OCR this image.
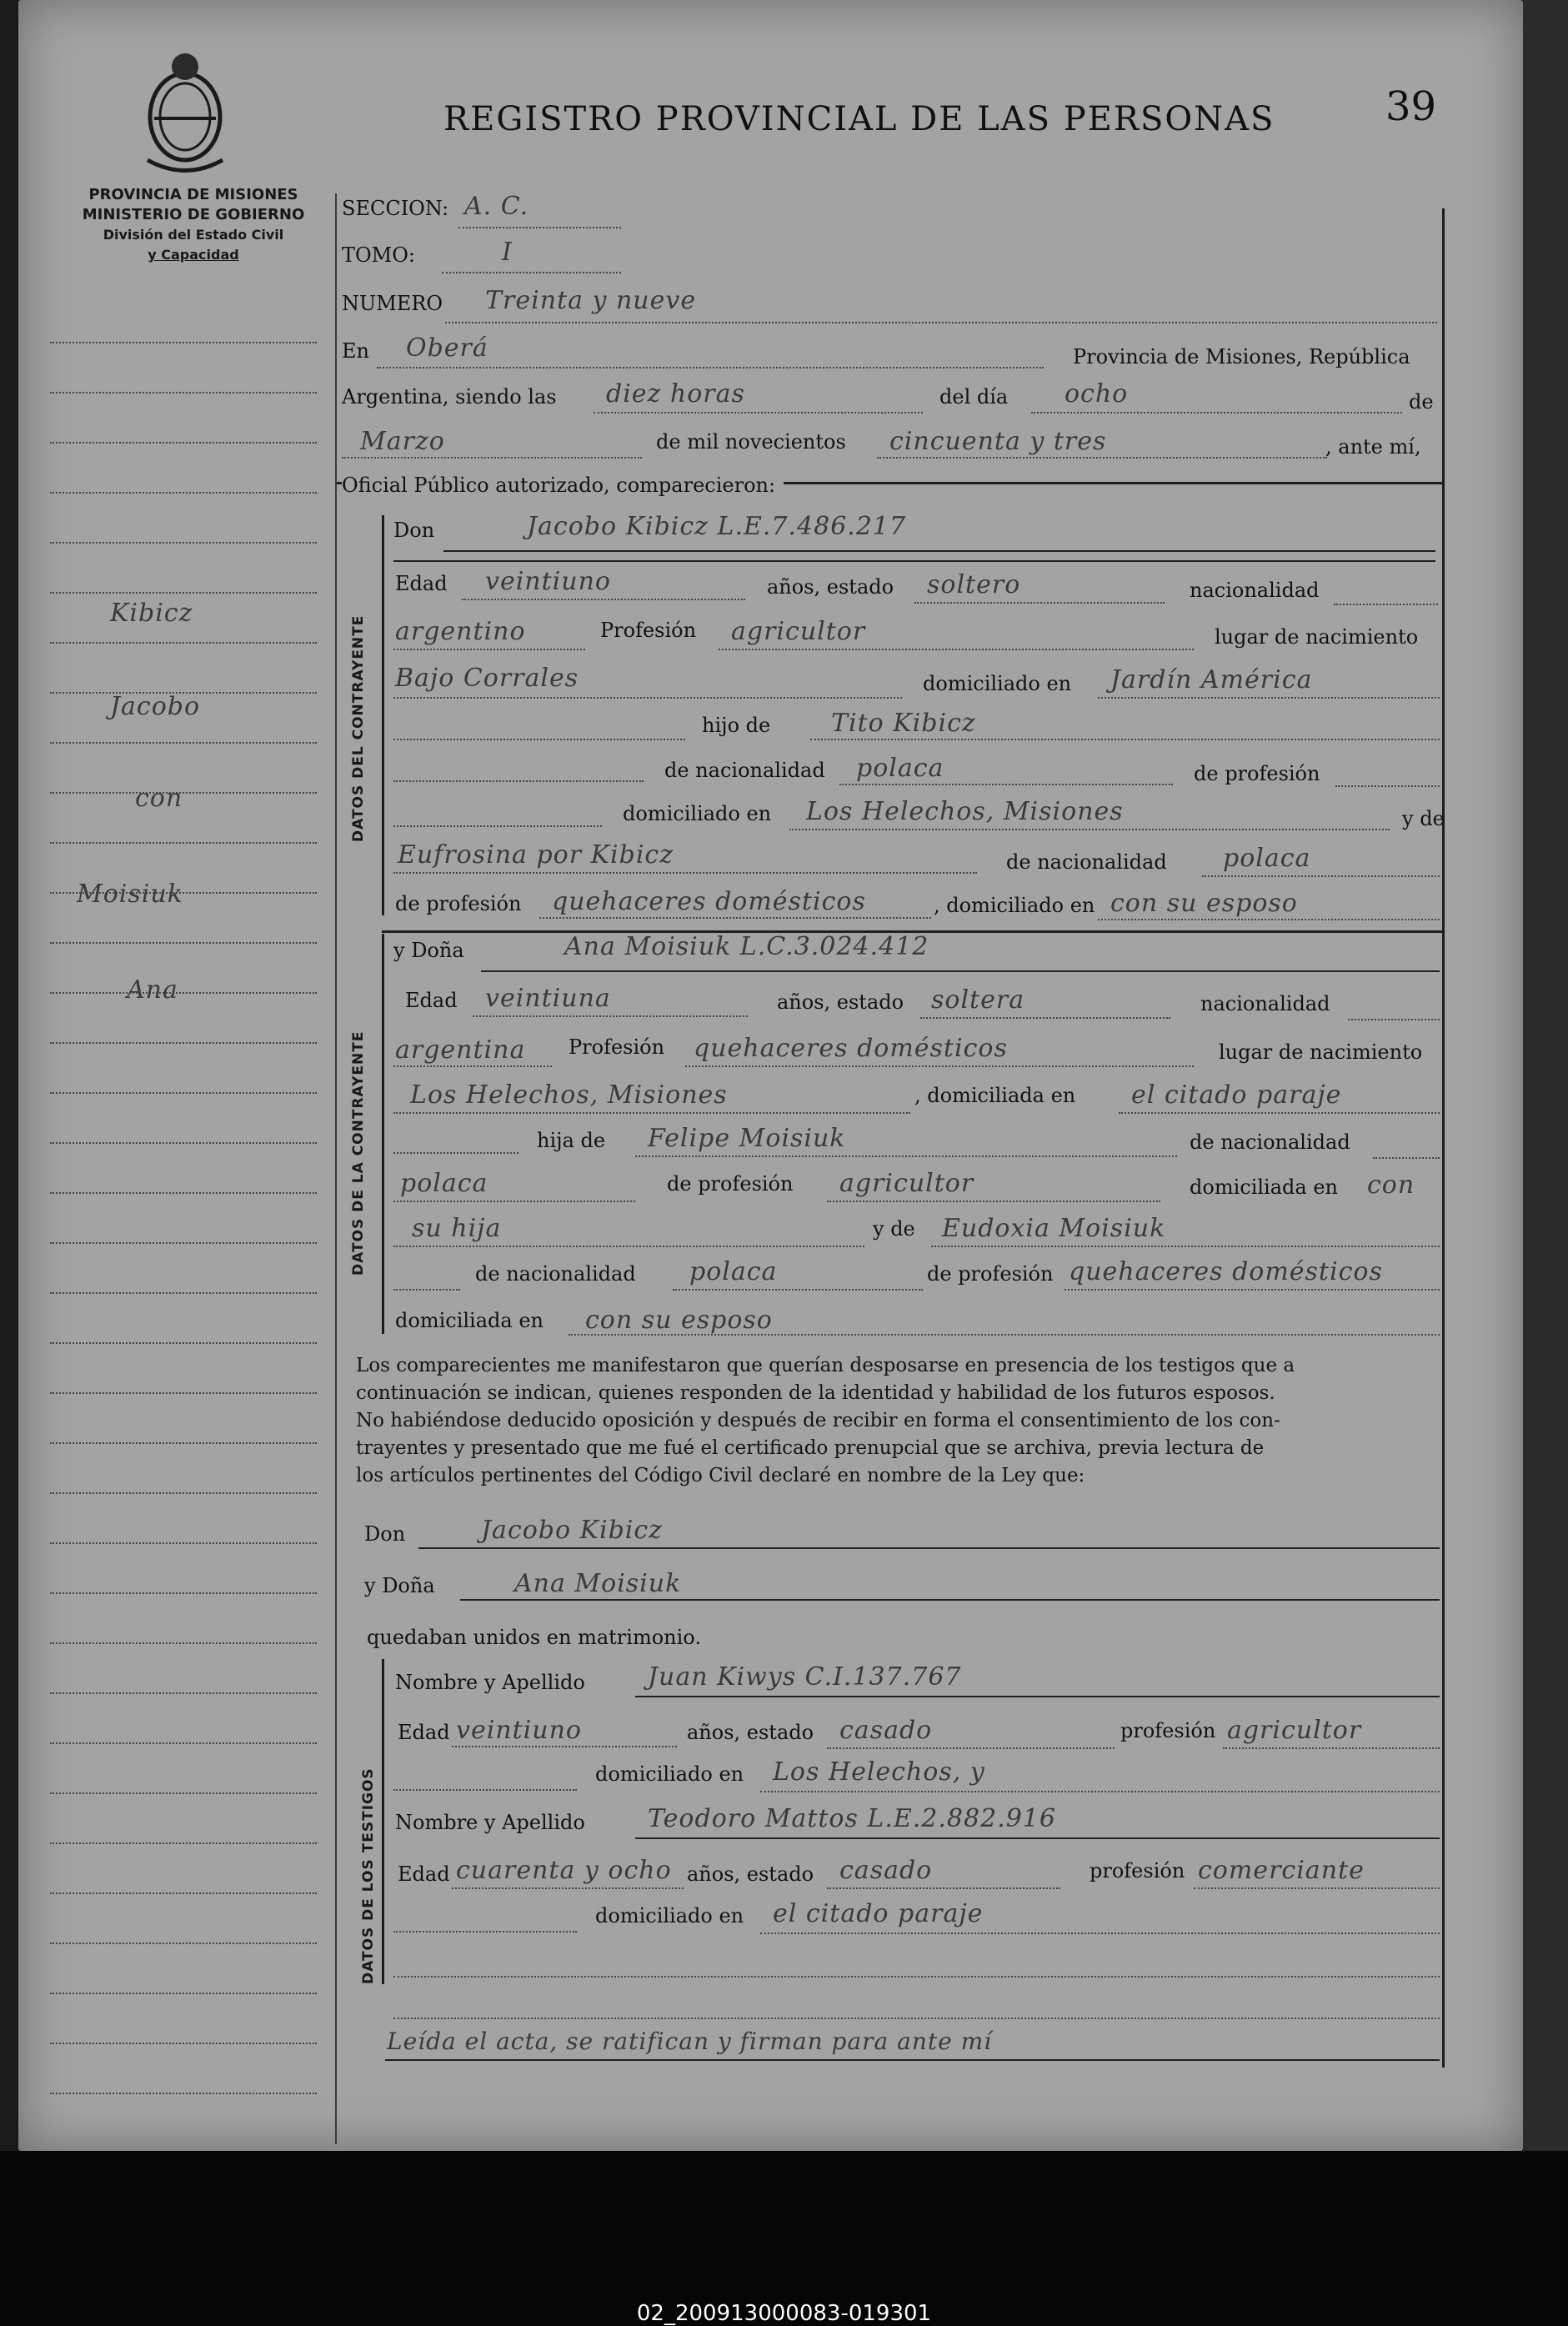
PROVINCIA DE MISIONES
MINISTERIO DE GOBIERNO
División del Estado Civil
y Capacidad
REGISTRO PROVINCIAL DE LAS PERSONAS	39
Kibicz
Jacobo
con
Moisiuk
Ana
SECCION: A. C.
TOMO:	I
NUMERO Treinta y nueve
En Oberá	Provincia de Misiones, República
Argentina, siendo las diez horas	del día ocho	de
Marzo	de mil novecientos cincuenta y tres	, ante mí,
Oficial Público autorizado, comparecieron:
DATOS DEL CONTRAYENTE
Don	Jacobo Kibicz L.E.7.486.217
Edad veintiuno	años, estado soltero	nacionalidad
argentino	Profesión agricultor	lugar de nacimiento
Bajo Corrales	domiciliado en Jardín América
hijo de Tito Kibicz
de nacionalidad polaca	de profesión
domiciliado en Los Helechos, Misiones	y de
Eufrosina por Kibicz	de nacionalidad polaca
de profesión quehaceres domésticos	, domiciliado en con su esposo
DATOS DE LA CONTRAYENTE
y Doña	Ana Moisiuk L.C.3.024.412
Edad veintiuna	años, estado soltera	nacionalidad
argentina Profesión quehaceres domésticos	lugar de nacimiento
Los Helechos, Misiones	, domiciliada en el citado paraje
hija de Felipe Moisiuk	de nacionalidad
polaca	de profesión agricultor	domiciliada en con
su hija	y de Eudoxia Moisiuk
de nacionalidad polaca	de profesión quehaceres domésticos
domiciliada en con su esposo
Los comparecientes me manifestaron que querían desposarse en presencia de los testigos que a
continuación se indican, quienes responden de la identidad y habilidad de los futuros esposos.
No habiéndose deducido oposición y después de recibir en forma el consentimiento de los con-
trayentes y presentado que me fué el certificado prenupcial que se archiva, previa lectura de
los artículos pertinentes del Código Civil declaré en nombre de la Ley que:
Don	Jacobo Kibicz
y Doña	Ana Moisiuk
quedaban unidos en matrimonio.
DATOS DE LOS TESTIGOS
Nombre y Apellido	Juan Kiwys C.I.137.767
Edad veintiuno	años, estado casado	profesión agricultor
domiciliado en Los Helechos, y
Nombre y Apellido	Teodoro Mattos L.E.2.882.916
Edad cuarenta y ocho años, estado casado	profesión comerciante
domiciliado en el citado paraje
Leída el acta, se ratifican y firman para ante mí
02_200913000083-019301
